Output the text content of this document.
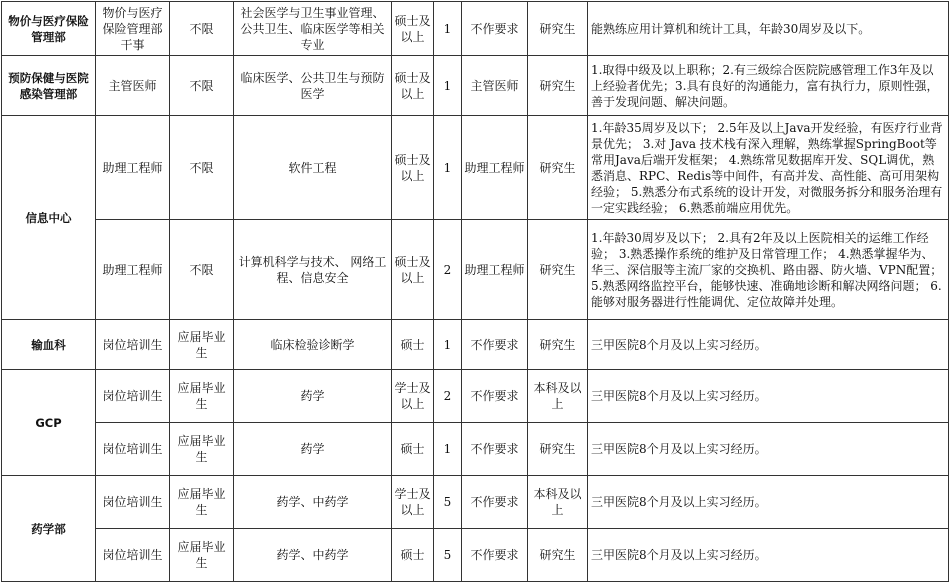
物价与医疗保险管理部	物价与医疗保险管理部干事	不限	社会医学与卫生事业管理、公共卫生、临床医学等相关专业	硕士及以上	1	不作要求	研究生	能熟练应用计算机和统计工具，年龄30周岁及以下。
预防保健与医院感染管理部	主管医师	不限	临床医学、公共卫生与预防医学	硕士及以上	1	主管医师	研究生	1.取得中级及以上职称；2.有三级综合医院院感管理工作3年及以上经验者优先；3.具有良好的沟通能力，富有执行力，原则性强，善于发现问题、解决问题。
信息中心	助理工程师	不限	软件工程	硕士及以上	1	助理工程师	研究生	1.年龄35周岁及以下； 2.5年及以上Java开发经验，有医疗行业背景优先； 3.对 Java 技术栈有深入理解，熟练掌握SpringBoot等常用Java后端开发框架； 4.熟练常见数据库开发、SQL调优，熟悉消息、RPC、Redis等中间件，有高并发、高性能、高可用架构经验； 5.熟悉分布式系统的设计开发，对微服务拆分和服务治理有一定实践经验； 6.熟悉前端应用优先。
	助理工程师	不限	计算机科学与技术、 网络工程、信息安全	硕士及以上	2	助理工程师	研究生	1.年龄30周岁及以下； 2.具有2年及以上医院相关的运维工作经验； 3.熟悉操作系统的维护及日常管理工作； 4.熟悉掌握华为、华三、深信服等主流厂家的交换机、路由器、防火墙、VPN配置； 5.熟悉网络监控平台，能够快速、准确地诊断和解决网络问题； 6.能够对服务器进行性能调优、定位故障并处理。
输血科	岗位培训生	应届毕业生	临床检验诊断学	硕士	1	不作要求	研究生	三甲医院8个月及以上实习经历。
GCP	岗位培训生	应届毕业生	药学	学士及以上	2	不作要求	本科及以上	三甲医院8个月及以上实习经历。
	岗位培训生	应届毕业生	药学	硕士	1	不作要求	研究生	三甲医院8个月及以上实习经历。
药学部	岗位培训生	应届毕业生	药学、中药学	学士及以上	5	不作要求	本科及以上	三甲医院8个月及以上实习经历。
	岗位培训生	应届毕业生	药学、中药学	硕士	5	不作要求	研究生	三甲医院8个月及以上实习经历。
